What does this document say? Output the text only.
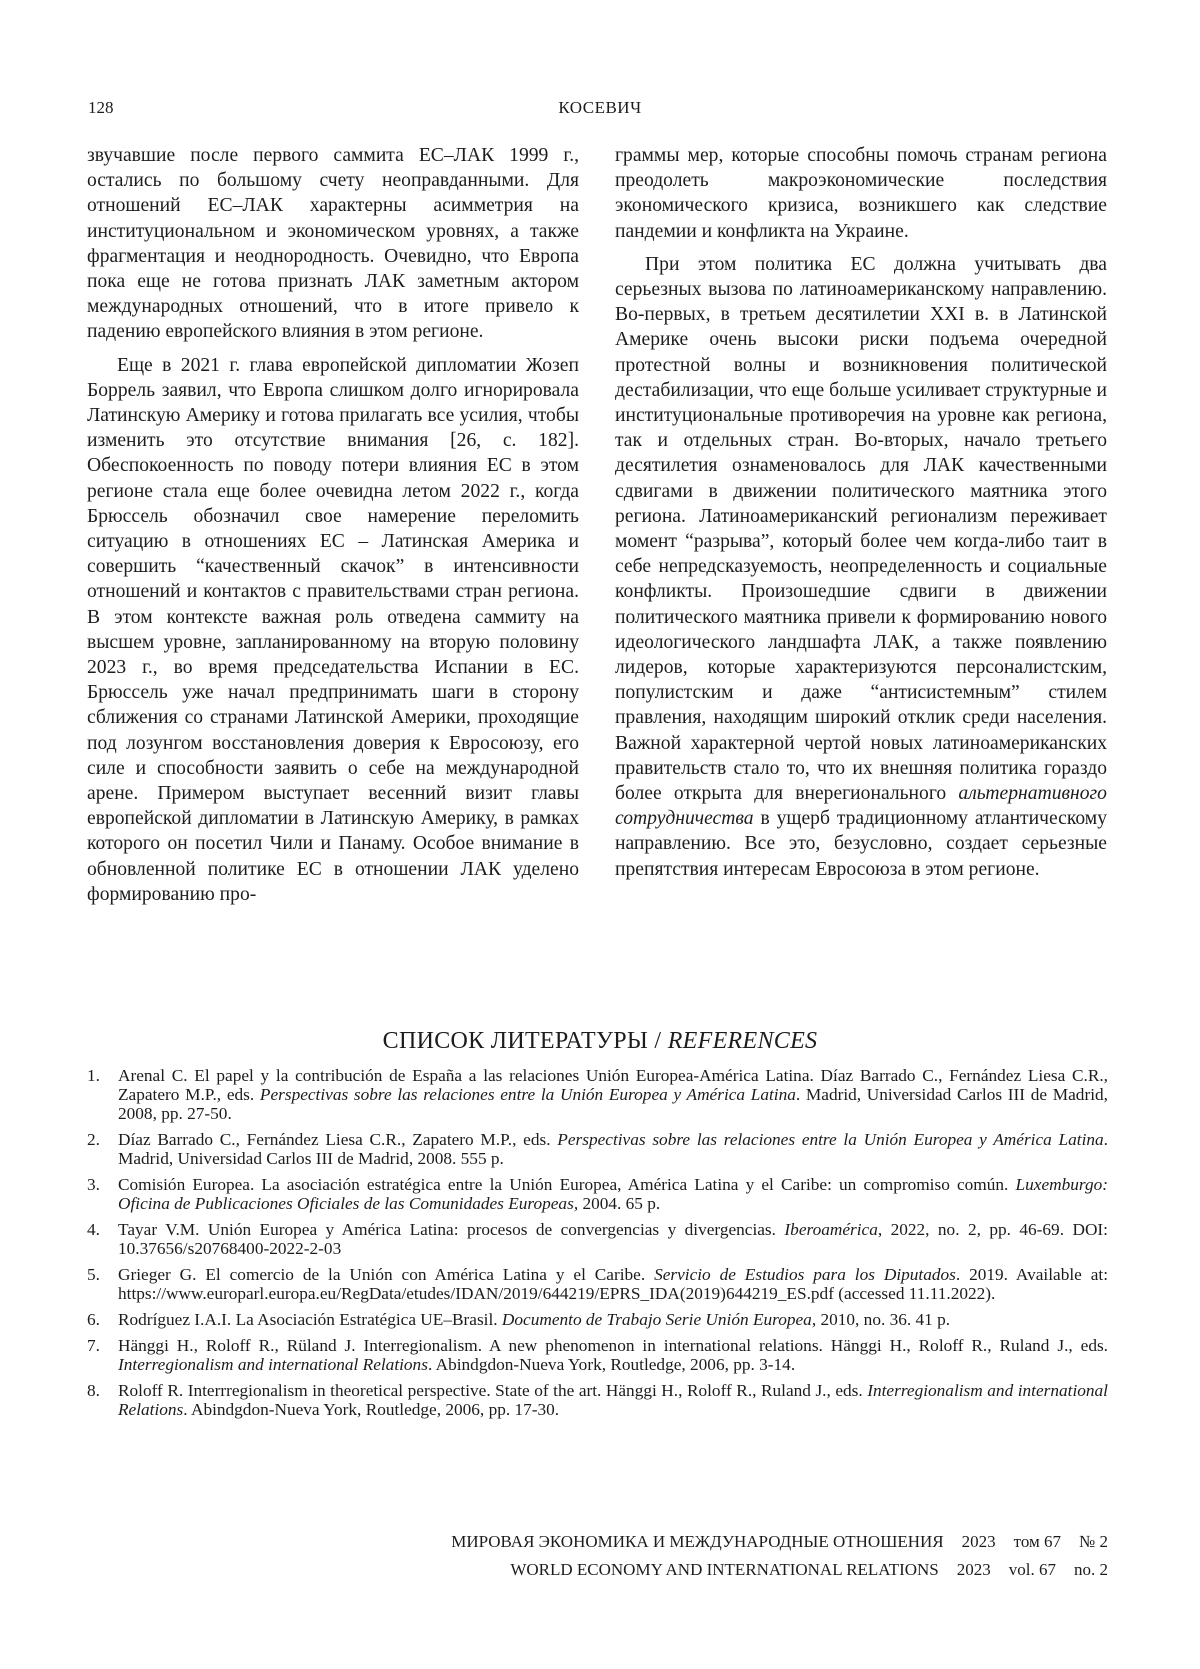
128	КОСЕВИЧ

звучавшие после первого саммита ЕС–ЛАК 1999 г., остались по большому счету неоправданными. Для отношений ЕС–ЛАК характерны асимметрия на институциональном и экономическом уровнях, а также фрагментация и неоднородность. Очевидно, что Европа пока еще не готова признать ЛАК заметным актором международных отношений, что в итоге привело к падению европейского влияния в этом регионе.

Еще в 2021 г. глава европейской дипломатии Жозеп Боррель заявил, что Европа слишком долго игнорировала Латинскую Америку и готова прилагать все усилия, чтобы изменить это отсутствие внимания [26, с. 182]. Обеспокоенность по поводу потери влияния ЕС в этом регионе стала еще более очевидна летом 2022 г., когда Брюссель обозначил свое намерение переломить ситуацию в отношениях ЕС – Латинская Америка и совершить “качественный скачок” в интенсивности отношений и контактов с правительствами стран региона. В этом контексте важная роль отведена саммиту на высшем уровне, запланированному на вторую половину 2023 г., во время председательства Испании в ЕС. Брюссель уже начал предпринимать шаги в сторону сближения со странами Латинской Америки, проходящие под лозунгом восстановления доверия к Евросоюзу, его силе и способности заявить о себе на международной арене. Примером выступает весенний визит главы европейской дипломатии в Латинскую Америку, в рамках которого он посетил Чили и Панаму. Особое внимание в обновленной политике ЕС в отношении ЛАК уделено формированию про-

граммы мер, которые способны помочь странам региона преодолеть макроэкономические последствия экономического кризиса, возникшего как следствие пандемии и конфликта на Украине.

При этом политика ЕС должна учитывать два серьезных вызова по латиноамериканскому направлению. Во-первых, в третьем десятилетии XXI в. в Латинской Америке очень высоки риски подъема очередной протестной волны и возникновения политической дестабилизации, что еще больше усиливает структурные и институциональные противоречия на уровне как региона, так и отдельных стран. Во-вторых, начало третьего десятилетия ознаменовалось для ЛАК качественными сдвигами в движении политического маятника этого региона. Латиноамериканский регионализм переживает момент “разрыва”, который более чем когда-либо таит в себе непредсказуемость, неопределенность и социальные конфликты. Произошедшие сдвиги в движении политического маятника привели к формированию нового идеологического ландшафта ЛАК, а также появлению лидеров, которые характеризуются персоналистским, популистским и даже “антисистемным” стилем правления, находящим широкий отклик среди населения. Важной характерной чертой новых латиноамериканских правительств стало то, что их внешняя политика гораздо более открыта для внерегионального альтернативного сотрудничества в ущерб традиционному атлантическому направлению. Все это, безусловно, создает серьезные препятствия интересам Евросоюза в этом регионе.

СПИСОК ЛИТЕРАТУРЫ / REFERENCES
1.	Arenal C. El papel y la contribución de España a las relaciones Unión Europea-América Latina. Díaz Barrado C., Fernández Liesa C.R., Zapatero M.P., eds. Perspectivas sobre las relaciones entre la Unión Europea y América Latina. Madrid, Universidad Carlos III de Madrid, 2008, pp. 27-50.
2.	Díaz Barrado C., Fernández Liesa C.R., Zapatero M.P., eds. Perspectivas sobre las relaciones entre la Unión Europea y América Latina. Madrid, Universidad Carlos III de Madrid, 2008. 555 p.
3.	Comisión Europea. La asociación estratégica entre la Unión Europea, América Latina y el Caribe: un compromiso común. Luxemburgo: Oficina de Publicaciones Oficiales de las Comunidades Europeas, 2004. 65 p.
4.	Tayar V.M. Unión Europea y América Latina: procesos de convergencias y divergencias. Iberoamérica, 2022, no. 2, pp. 46-69. DOI: 10.37656/s20768400-2022-2-03
5.	Grieger G. El comercio de la Unión con América Latina y el Caribe. Servicio de Estudios para los Diputados. 2019. Available at: https://www.europarl.europa.eu/RegData/etudes/IDAN/2019/644219/EPRS_IDA(2019)644219_ES.pdf (accessed 11.11.2022).
6.	Rodríguez I.A.I. La Asociación Estratégica UE–Brasil. Documento de Trabajo Serie Unión Europea, 2010, no. 36. 41 p.
7.	Hänggi H., Roloff R., Rüland J. Interregionalism. A new phenomenon in international relations. Hänggi H., Roloff R., Ruland J., eds. Interregionalism and international Relations. Abindgdon-Nueva York, Routledge, 2006, pp. 3-14.
8.	Roloff R. Interrregionalism in theoretical perspective. State of the art. Hänggi H., Roloff R., Ruland J., eds. Interregionalism and international Relations. Abindgdon-Nueva York, Routledge, 2006, pp. 17-30.
МИРОВАЯ ЭКОНОМИКА И МЕЖДУНАРОДНЫЕ ОТНОШЕНИЯ 2023 том 67 № 2
WORLD ECONOMY AND INTERNATIONAL RELATIONS 2023 vol. 67 no. 2
